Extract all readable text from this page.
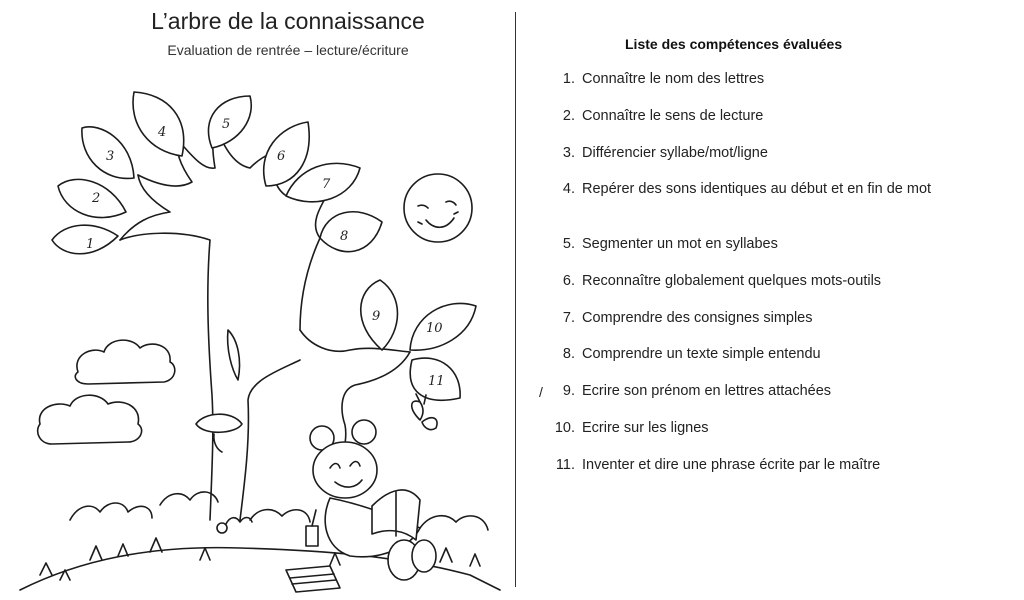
L’arbre de la connaissance
Evaluation de rentrée – lecture/écriture
1
2
3
4
5
6
7
8
9
10
11
Liste des compétences évaluées
1. Connaître le nom des lettres
2. Connaître le sens de lecture
3. Différencier syllabe/mot/ligne
4. Repérer des sons identiques au début et en fin de mot
5. Segmenter un mot en syllabes
6. Reconnaître globalement quelques mots-outils
7. Comprendre des consignes simples
8. Comprendre un texte simple entendu
9. Ecrire son prénom en lettres attachées
10. Ecrire sur les lignes
11. Inventer et dire une phrase écrite par le maître
/
